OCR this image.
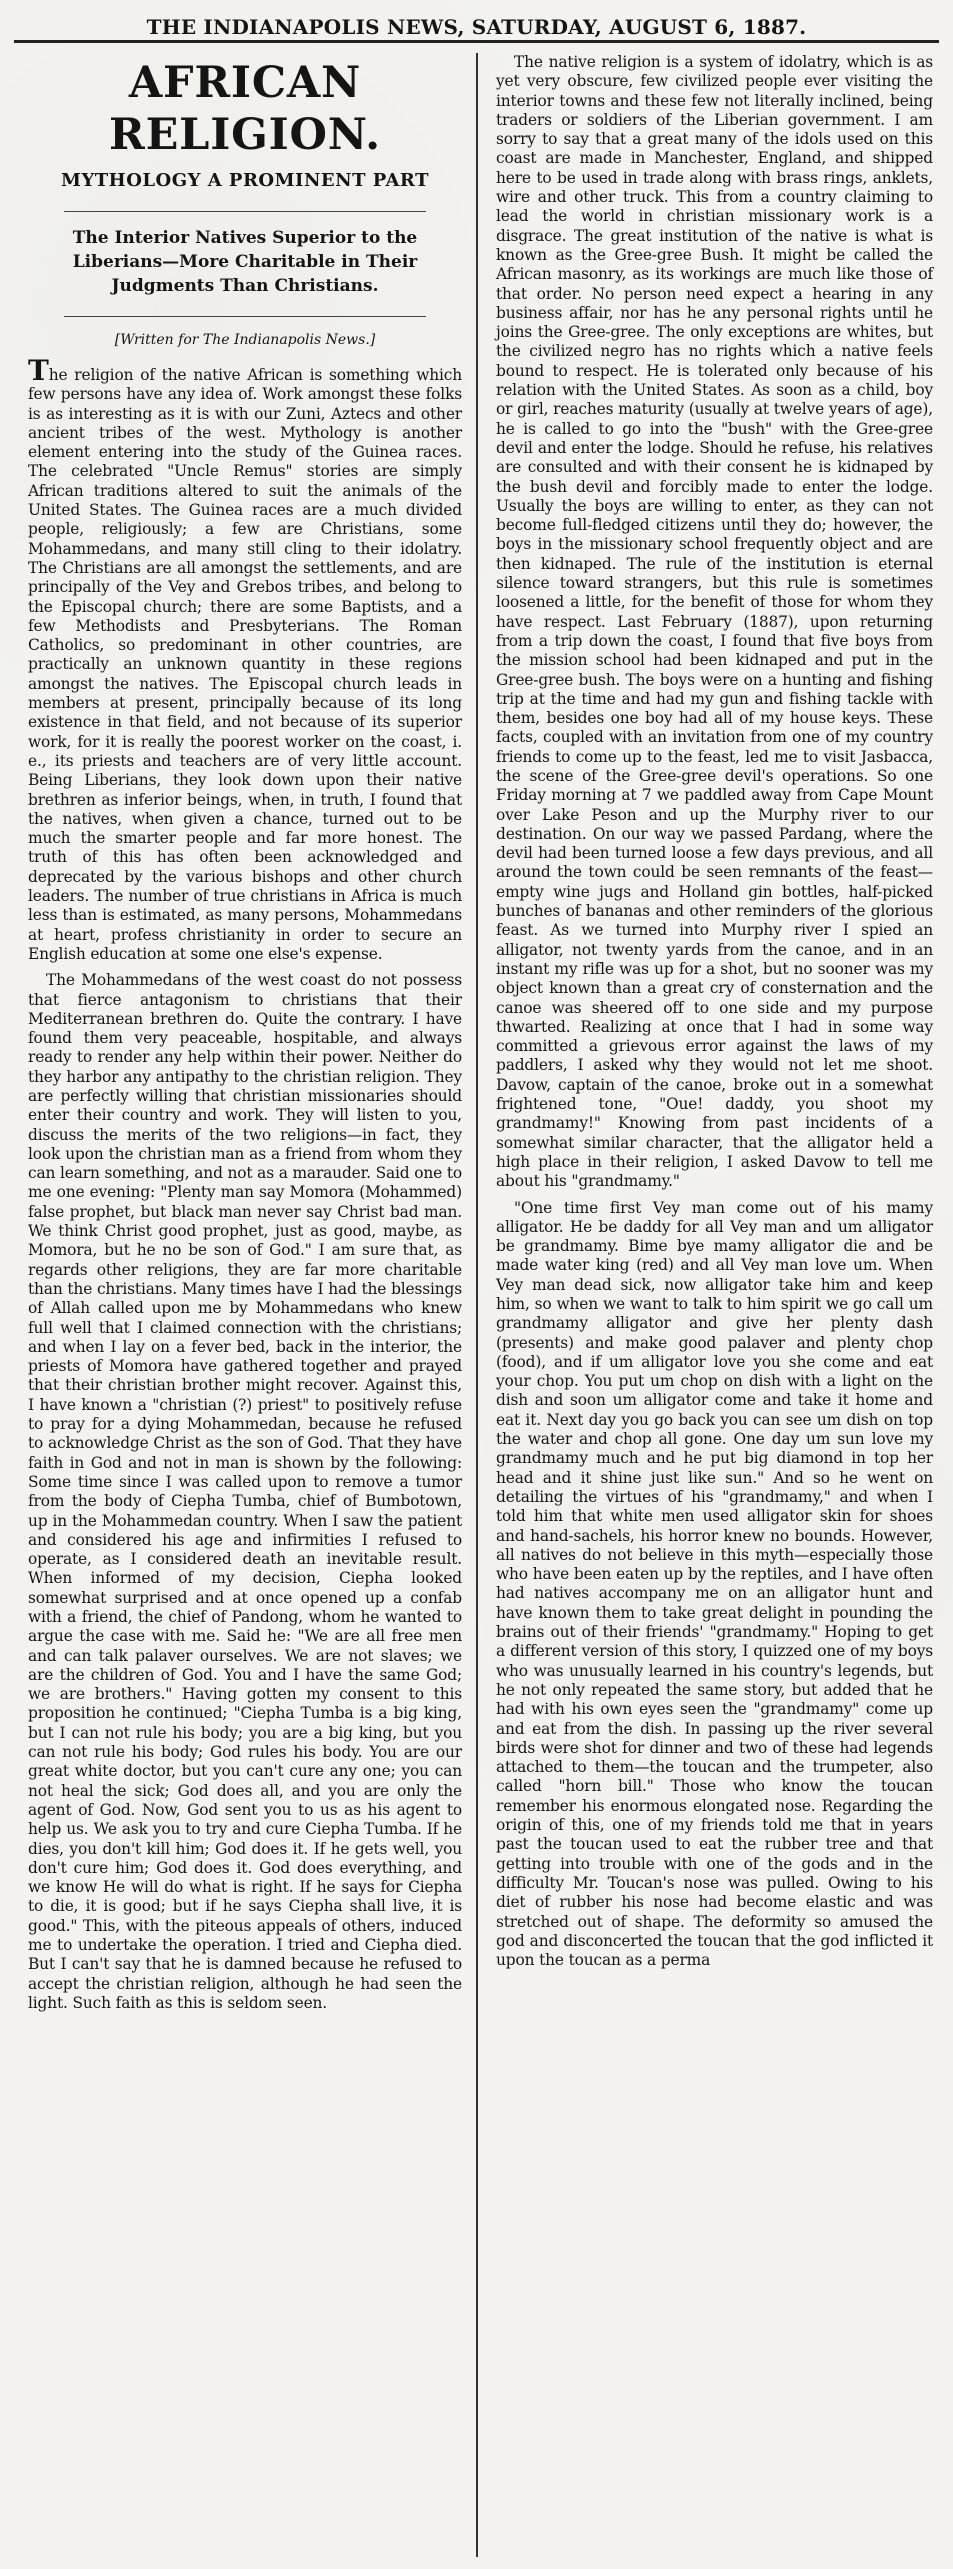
THE INDIANAPOLIS NEWS, SATURDAY, AUGUST 6, 1887.
AFRICAN RELIGION.
MYTHOLOGY A PROMINENT PART
The Interior Natives Superior to the Liberians—More Charitable in Their Judgments Than Christians.
[Written for The Indianapolis News.]

The religion of the native African is something which few persons have any idea of. Work amongst these folks is as interesting as it is with our Zuni, Aztecs and other ancient tribes of the west. Mythology is another element entering into the study of the Guinea races. The celebrated "Uncle Remus" stories are simply African traditions altered to suit the animals of the United States. The Guinea races are a much divided people, religiously; a few are Christians, some Mohammedans, and many still cling to their idolatry. The Christians are all amongst the settlements, and are principally of the Vey and Grebos tribes, and belong to the Episcopal church; there are some Baptists, and a few Methodists and Presbyterians. The Roman Catholics, so predominant in other countries, are practically an unknown quantity in these regions amongst the natives. The Episcopal church leads in members at present, principally because of its long existence in that field, and not because of its superior work, for it is really the poorest worker on the coast, i. e., its priests and teachers are of very little account. Being Liberians, they look down upon their native brethren as inferior beings, when, in truth, I found that the natives, when given a chance, turned out to be much the smarter people and far more honest. The truth of this has often been acknowledged and deprecated by the various bishops and other church leaders. The number of true christians in Africa is much less than is estimated, as many persons, Mohammedans at heart, profess christianity in order to secure an English education at some one else's expense.

The Mohammedans of the west coast do not possess that fierce antagonism to christians that their Mediterranean brethren do. Quite the contrary. I have found them very peaceable, hospitable, and always ready to render any help within their power. Neither do they harbor any antipathy to the christian religion. They are perfectly willing that christian missionaries should enter their country and work. They will listen to you, discuss the merits of the two religions—in fact, they look upon the christian man as a friend from whom they can learn something, and not as a marauder. Said one to me one evening: "Plenty man say Momora (Mohammed) false prophet, but black man never say Christ bad man. We think Christ good prophet, just as good, maybe, as Momora, but he no be son of God." I am sure that, as regards other religions, they are far more charitable than the christians. Many times have I had the blessings of Allah called upon me by Mohammedans who knew full well that I claimed connection with the christians; and when I lay on a fever bed, back in the interior, the priests of Momora have gathered together and prayed that their christian brother might recover. Against this, I have known a "christian (?) priest" to positively refuse to pray for a dying Mohammedan, because he refused to acknowledge Christ as the son of God. That they have faith in God and not in man is shown by the following: Some time since I was called upon to remove a tumor from the body of Ciepha Tumba, chief of Bumbotown, up in the Mohammedan country. When I saw the patient and considered his age and infirmities I refused to operate, as I considered death an inevitable result. When informed of my decision, Ciepha looked somewhat surprised and at once opened up a confab with a friend, the chief of Pandong, whom he wanted to argue the case with me. Said he: "We are all free men and can talk palaver ourselves. We are not slaves; we are the children of God. You and I have the same God; we are brothers." Having gotten my consent to this proposition he continued; "Ciepha Tumba is a big king, but I can not rule his body; you are a big king, but you can not rule his body; God rules his body. You are our great white doctor, but you can't cure any one; you can not heal the sick; God does all, and you are only the agent of God. Now, God sent you to us as his agent to help us. We ask you to try and cure Ciepha Tumba. If he dies, you don't kill him; God does it. If he gets well, you don't cure him; God does it. God does everything, and we know He will do what is right. If he says for Ciepha to die, it is good; but if he says Ciepha shall live, it is good." This, with the piteous appeals of others, induced me to undertake the operation. I tried and Ciepha died. But I can't say that he is damned because he refused to accept the christian religion, although he had seen the light. Such faith as this is seldom seen.

The native religion is a system of idolatry, which is as yet very obscure, few civilized people ever visiting the interior towns and these few not literally inclined, being traders or soldiers of the Liberian government. I am sorry to say that a great many of the idols used on this coast are made in Manchester, England, and shipped here to be used in trade along with brass rings, anklets, wire and other truck. This from a country claiming to lead the world in christian missionary work is a disgrace. The great institution of the native is what is known as the Gree-gree Bush. It might be called the African masonry, as its workings are much like those of that order. No person need expect a hearing in any business affair, nor has he any personal rights until he joins the Gree-gree. The only exceptions are whites, but the civilized negro has no rights which a native feels bound to respect. He is tolerated only because of his relation with the United States. As soon as a child, boy or girl, reaches maturity (usually at twelve years of age), he is called to go into the "bush" with the Gree-gree devil and enter the lodge. Should he refuse, his relatives are consulted and with their consent he is kidnaped by the bush devil and forcibly made to enter the lodge. Usually the boys are willing to enter, as they can not become full-fledged citizens until they do; however, the boys in the missionary school frequently object and are then kidnaped. The rule of the institution is eternal silence toward strangers, but this rule is sometimes loosened a little, for the benefit of those for whom they have respect. Last February (1887), upon returning from a trip down the coast, I found that five boys from the mission school had been kidnaped and put in the Gree-gree bush. The boys were on a hunting and fishing trip at the time and had my gun and fishing tackle with them, besides one boy had all of my house keys. These facts, coupled with an invitation from one of my country friends to come up to the feast, led me to visit Jasbacca, the scene of the Gree-gree devil's operations. So one Friday morning at 7 we paddled away from Cape Mount over Lake Peson and up the Murphy river to our destination. On our way we passed Pardang, where the devil had been turned loose a few days previous, and all around the town could be seen remnants of the feast—empty wine jugs and Holland gin bottles, half-picked bunches of bananas and other reminders of the glorious feast. As we turned into Murphy river I spied an alligator, not twenty yards from the canoe, and in an instant my rifle was up for a shot, but no sooner was my object known than a great cry of consternation and the canoe was sheered off to one side and my purpose thwarted. Realizing at once that I had in some way committed a grievous error against the laws of my paddlers, I asked why they would not let me shoot. Davow, captain of the canoe, broke out in a somewhat frightened tone, "Oue! daddy, you shoot my grandmamy!" Knowing from past incidents of a somewhat similar character, that the alligator held a high place in their religion, I asked Davow to tell me about his "grandmamy."

"One time first Vey man come out of his mamy alligator. He be daddy for all Vey man and um alligator be grandmamy. Bime bye mamy alligator die and be made water king (red) and all Vey man love um. When Vey man dead sick, now alligator take him and keep him, so when we want to talk to him spirit we go call um grandmamy alligator and give her plenty dash (presents) and make good palaver and plenty chop (food), and if um alligator love you she come and eat your chop. You put um chop on dish with a light on the dish and soon um alligator come and take it home and eat it. Next day you go back you can see um dish on top the water and chop all gone. One day um sun love my grandmamy much and he put big diamond in top her head and it shine just like sun." And so he went on detailing the virtues of his "grandmamy," and when I told him that white men used alligator skin for shoes and hand-sachels, his horror knew no bounds. However, all natives do not believe in this myth—especially those who have been eaten up by the reptiles, and I have often had natives accompany me on an alligator hunt and have known them to take great delight in pounding the brains out of their friends' "grandmamy." Hoping to get a different version of this story, I quizzed one of my boys who was unusually learned in his country's legends, but he not only repeated the same story, but added that he had with his own eyes seen the "grandmamy" come up and eat from the dish. In passing up the river several birds were shot for dinner and two of these had legends attached to them—the toucan and the trumpeter, also called "horn bill." Those who know the toucan remember his enormous elongated nose. Regarding the origin of this, one of my friends told me that in years past the toucan used to eat the rubber tree and that getting into trouble with one of the gods and in the difficulty Mr. Toucan's nose was pulled. Owing to his diet of rubber his nose had become elastic and was stretched out of shape. The deformity so amused the god and disconcerted the toucan that the god inflicted it upon the toucan as a perma
